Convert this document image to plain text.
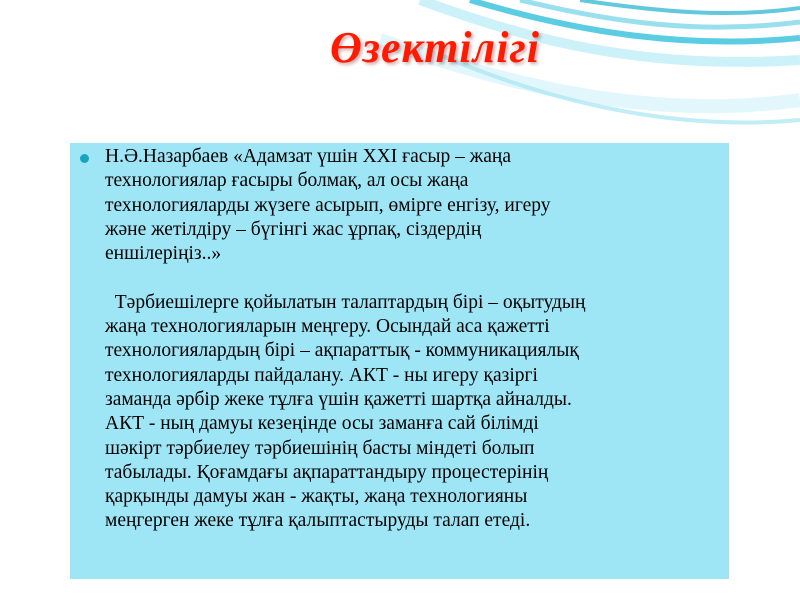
Өзектілігі

Н.Ә.Назарбаев «Адамзат үшін XXI ғасыр – жаңа
технологиялар ғасыры болмақ, ал осы жаңа
технологияларды жүзеге асырып, өмірге енгізу, игеру
және жетілдіру – бүгінгі жас ұрпақ, сіздердің
еншілеріңіз..»

Тәрбиешілерге қойылатын талаптардың бірі – оқытудың
жаңа технологияларын меңгеру. Осындай аса қажетті
технологиялардың бірі – ақпараттық - коммуникациялық
технологияларды пайдалану. АКТ - ны игеру қазіргі
заманда әрбір жеке тұлға үшін қажетті шартқа айналды.
АКТ - ның дамуы кезеңінде осы заманға сай білімді
шәкірт тәрбиелеу тәрбиешінің басты міндеті болып
табылады. Қоғамдағы ақпараттандыру процестерінің
қарқынды дамуы жан - жақты, жаңа технологияны
меңгерген жеке тұлға қалыптастыруды талап етеді.
